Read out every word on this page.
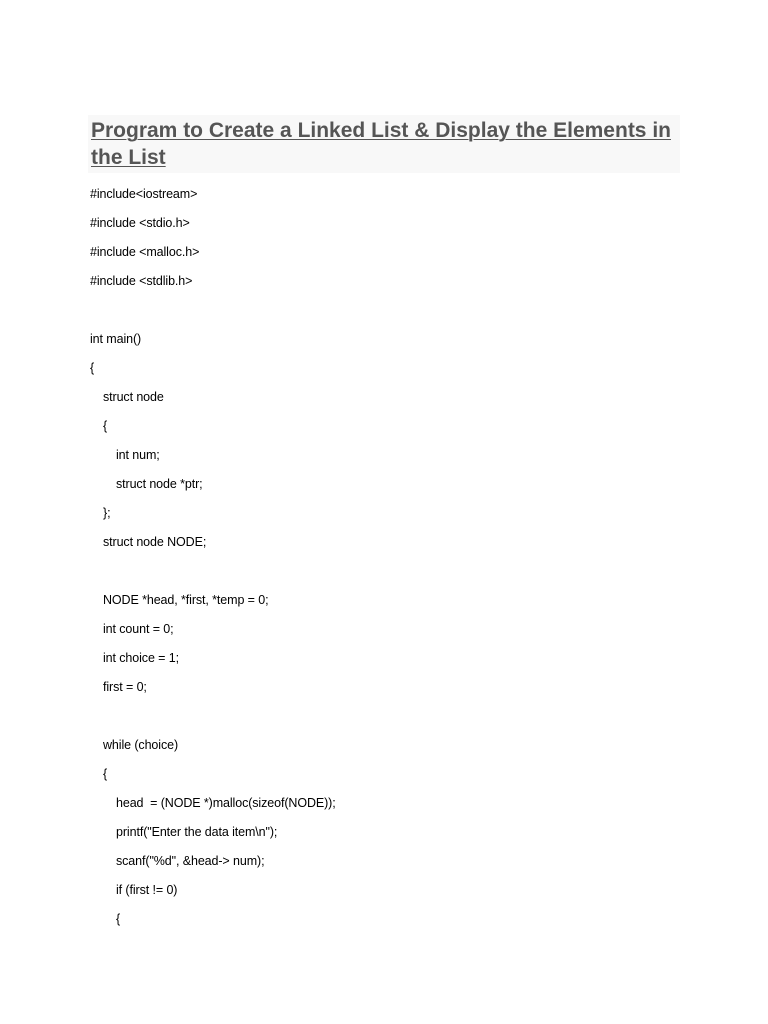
Program to Create a Linked List & Display the Elements in the List

#include<iostream>

#include <stdio.h>

#include <malloc.h>

#include <stdlib.h>

int main()

{

struct node

{

int num;

struct node *ptr;

};

struct node NODE;

NODE *head, *first, *temp = 0;

int count = 0;

int choice = 1;

first = 0;

while (choice)

{

head  = (NODE *)malloc(sizeof(NODE));

printf("Enter the data item\n");

scanf("%d", &head-> num);

if (first != 0)

{
